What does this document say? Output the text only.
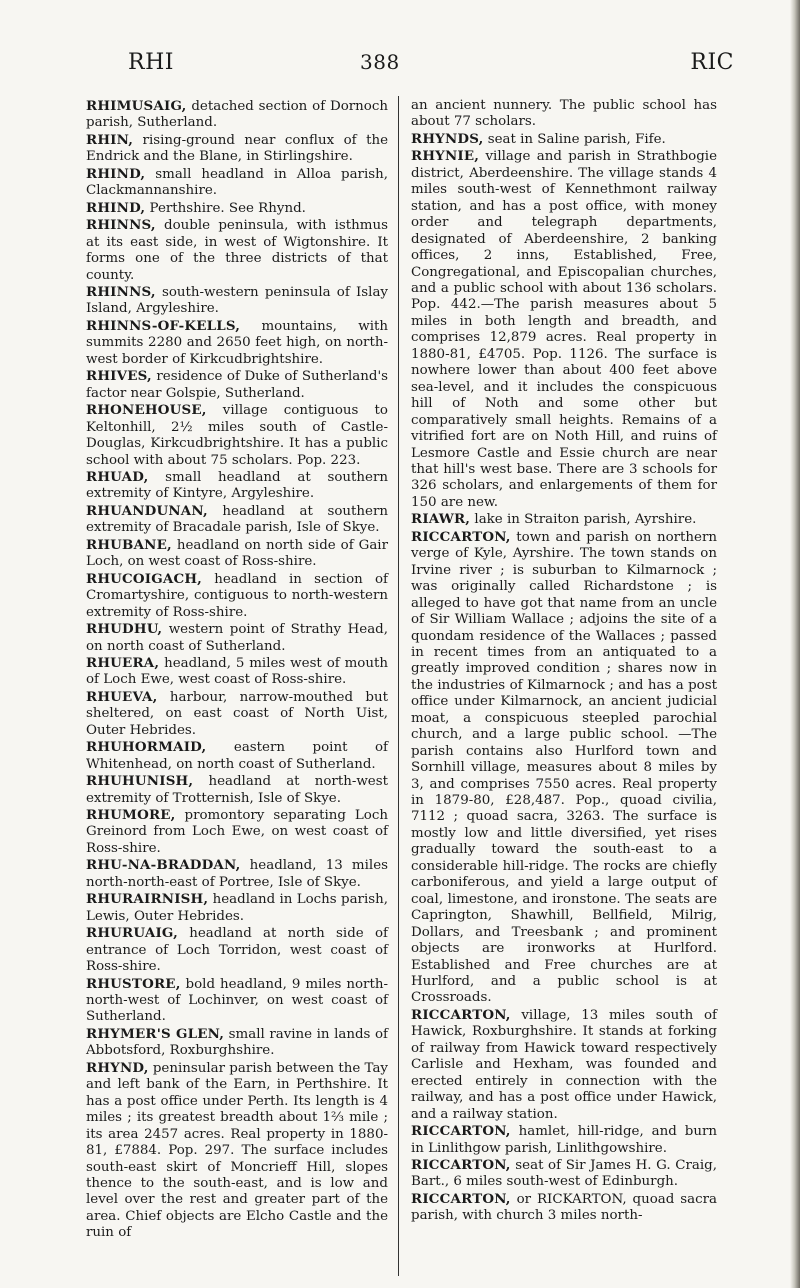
RHI	388	RIC

RHIMUSAIG, detached section of Dornoch parish, Sutherland.

RHIN, rising-ground near conflux of the Endrick and the Blane, in Stirlingshire.

RHIND, small headland in Alloa parish, Clackmannanshire.

RHIND, Perthshire. See Rhynd.

RHINNS, double peninsula, with isthmus at its east side, in west of Wigtonshire. It forms one of the three districts of that county.

RHINNS, south-western peninsula of Islay Island, Argyleshire.

RHINNS-OF-KELLS, mountains, with summits 2280 and 2650 feet high, on north-west border of Kirkcudbrightshire.

RHIVES, residence of Duke of Sutherland's factor near Golspie, Sutherland.

RHONEHOUSE, village contiguous to Keltonhill, 2½ miles south of Castle-Douglas, Kirkcudbrightshire. It has a public school with about 75 scholars. Pop. 223.

RHUAD, small headland at southern extremity of Kintyre, Argyleshire.

RHUANDUNAN, headland at southern extremity of Bracadale parish, Isle of Skye.

RHUBANE, headland on north side of Gair Loch, on west coast of Ross-shire.

RHUCOIGACH, headland in section of Cromartyshire, contiguous to north-western extremity of Ross-shire.

RHUDHU, western point of Strathy Head, on north coast of Sutherland.

RHUERA, headland, 5 miles west of mouth of Loch Ewe, west coast of Ross-shire.

RHUEVA, harbour, narrow-mouthed but sheltered, on east coast of North Uist, Outer Hebrides.

RHUHORMAID, eastern point of Whitenhead, on north coast of Sutherland.

RHUHUNISH, headland at north-west extremity of Trotternish, Isle of Skye.

RHUMORE, promontory separating Loch Greinord from Loch Ewe, on west coast of Ross-shire.

RHU-NA-BRADDAN, headland, 13 miles north-north-east of Portree, Isle of Skye.

RHURAIRNISH, headland in Lochs parish, Lewis, Outer Hebrides.

RHURUAIG, headland at north side of entrance of Loch Torridon, west coast of Ross-shire.

RHUSTORE, bold headland, 9 miles north-north-west of Lochinver, on west coast of Sutherland.

RHYMER'S GLEN, small ravine in lands of Abbotsford, Roxburghshire.

RHYND, peninsular parish between the Tay and left bank of the Earn, in Perthshire. It has a post office under Perth. Its length is 4 miles ; its greatest breadth about 1⅔ mile ; its area 2457 acres. Real property in 1880-81, £7884. Pop. 297. The surface includes south-east skirt of Moncrieff Hill, slopes thence to the south-east, and is low and level over the rest and greater part of the area. Chief objects are Elcho Castle and the ruin of

an ancient nunnery. The public school has about 77 scholars.

RHYNDS, seat in Saline parish, Fife.

RHYNIE, village and parish in Strathbogie district, Aberdeenshire. The village stands 4 miles south-west of Kennethmont railway station, and has a post office, with money order and telegraph departments, designated of Aberdeenshire, 2 banking offices, 2 inns, Established, Free, Congregational, and Episcopalian churches, and a public school with about 136 scholars. Pop. 442.—The parish measures about 5 miles in both length and breadth, and comprises 12,879 acres. Real property in 1880-81, £4705. Pop. 1126. The surface is nowhere lower than about 400 feet above sea-level, and it includes the conspicuous hill of Noth and some other but comparatively small heights. Remains of a vitrified fort are on Noth Hill, and ruins of Lesmore Castle and Essie church are near that hill's west base. There are 3 schools for 326 scholars, and enlargements of them for 150 are new.

RIAWR, lake in Straiton parish, Ayrshire.

RICCARTON, town and parish on northern verge of Kyle, Ayrshire. The town stands on Irvine river ; is suburban to Kilmarnock ; was originally called Richardstone ; is alleged to have got that name from an uncle of Sir William Wallace ; adjoins the site of a quondam residence of the Wallaces ; passed in recent times from an antiquated to a greatly improved condition ; shares now in the industries of Kilmarnock ; and has a post office under Kilmarnock, an ancient judicial moat, a conspicuous steepled parochial church, and a large public school. —The parish contains also Hurlford town and Sornhill village, measures about 8 miles by 3, and comprises 7550 acres. Real property in 1879-80, £28,487. Pop., quoad civilia, 7112 ; quoad sacra, 3263. The surface is mostly low and little diversified, yet rises gradually toward the south-east to a considerable hill-ridge. The rocks are chiefly carboniferous, and yield a large output of coal, limestone, and ironstone. The seats are Caprington, Shawhill, Bellfield, Milrig, Dollars, and Treesbank ; and prominent objects are ironworks at Hurlford. Established and Free churches are at Hurlford, and a public school is at Crossroads.

RICCARTON, village, 13 miles south of Hawick, Roxburghshire. It stands at forking of railway from Hawick toward respectively Carlisle and Hexham, was founded and erected entirely in connection with the railway, and has a post office under Hawick, and a railway station.

RICCARTON, hamlet, hill-ridge, and burn in Linlithgow parish, Linlithgowshire.

RICCARTON, seat of Sir James H. G. Craig, Bart., 6 miles south-west of Edinburgh.

RICCARTON, or RICKARTON, quoad sacra parish, with church 3 miles north-
